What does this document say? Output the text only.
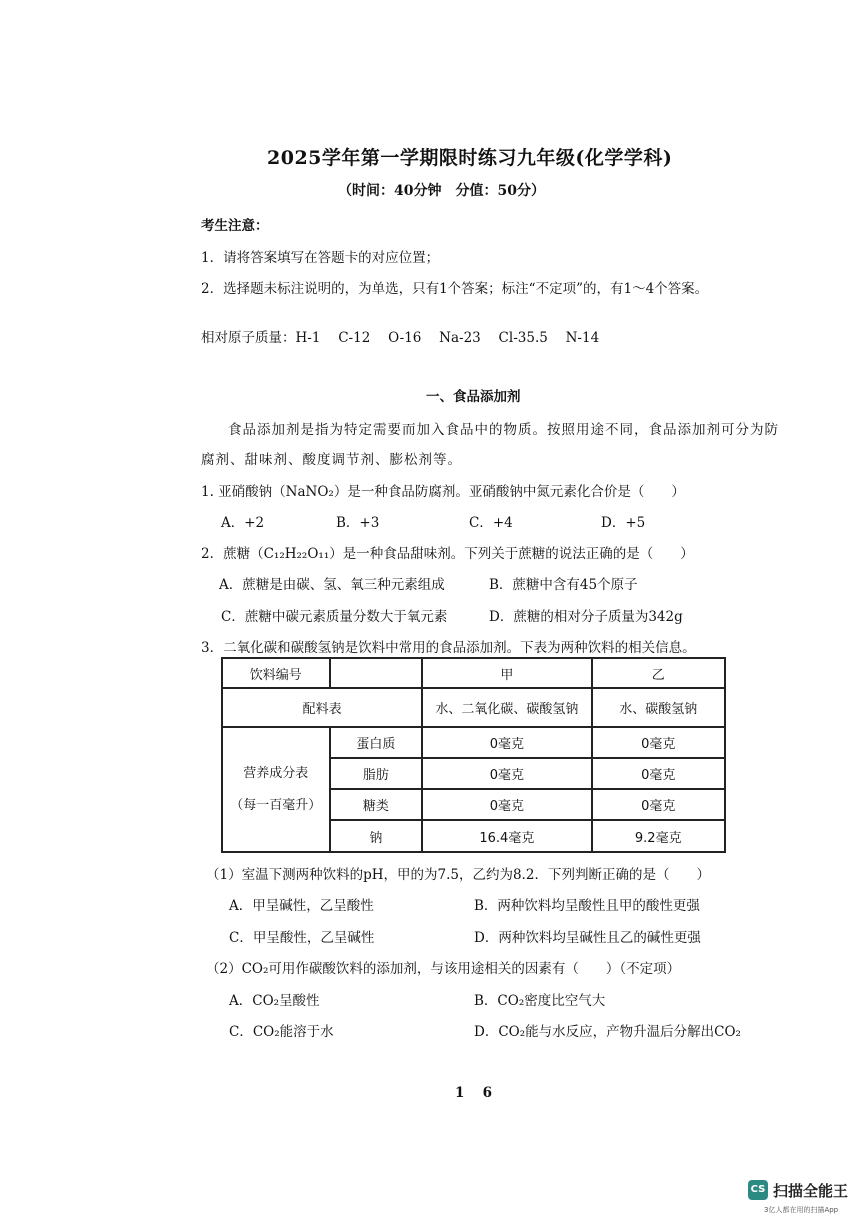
2025学年第一学期限时练习九年级(化学学科)
（时间：40分钟　分值：50分）
考生注意：
1．请将答案填写在答题卡的对应位置；
2．选择题未标注说明的，为单选，只有1个答案；标注“不定项”的，有1～4个答案。
相对原子质量：H-1　 C-12　 O-16　 Na-23　 Cl-35.5　 N-14
一、食品添加剂
食品添加剂是指为特定需要而加入食品中的物质。按照用途不同，食品添加剂可分为防
腐剂、甜味剂、酸度调节剂、膨松剂等。
1. 亚硝酸钠（NaNO₂）是一种食品防腐剂。亚硝酸钠中氮元素化合价是（　　）
A．+2	B．+3	C．+4	D．+5
2．蔗糖（C₁₂H₂₂O₁₁）是一种食品甜味剂。下列关于蔗糖的说法正确的是（　　）
A．蔗糖是由碳、氢、氧三种元素组成	B．蔗糖中含有45个原子
C．蔗糖中碳元素质量分数大于氧元素	D．蔗糖的相对分子质量为342g
3．二氧化碳和碳酸氢钠是饮料中常用的食品添加剂。下表为两种饮料的相关信息。
饮料编号		甲	乙
配料表		水、二氧化碳、碳酸氢钠	水、碳酸氢钠

营养成分表
（每一百毫升）	蛋白质	0毫克	0毫克
	脂肪	0毫克	0毫克
	糖类	0毫克	0毫克
	钠	16.4毫克	9.2毫克
（1）室温下测两种饮料的pH，甲的为7.5，乙约为8.2．下列判断正确的是（　　）
A．甲呈碱性，乙呈酸性	B．两种饮料均呈酸性且甲的酸性更强
C．甲呈酸性，乙呈碱性	D．两种饮料均呈碱性且乙的碱性更强
（2）CO₂可用作碳酸饮料的添加剂，与该用途相关的因素有（　　）（不定项）
A．CO₂呈酸性	B．CO₂密度比空气大
C．CO₂能溶于水	D．CO₂能与水反应，产物升温后分解出CO₂
1　 6
CS 扫描全能王
3亿人都在用的扫描App
